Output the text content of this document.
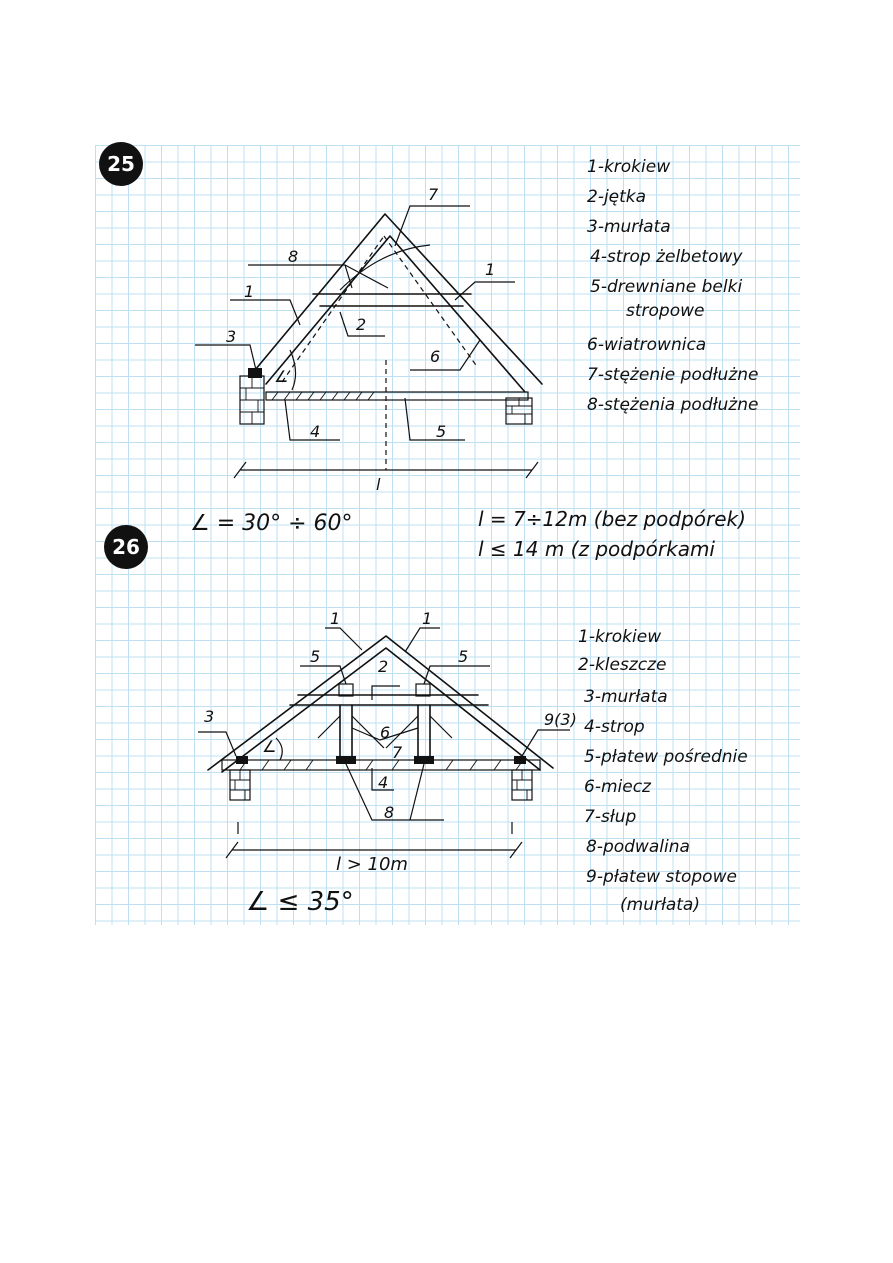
25
7
8
1
1
2
3
6
∠
4	5
l
1-krokiew
2-jętka
3-murłata
4-strop żelbetowy
5-drewniane belki
stropowe
6-wiatrownica
7-stężenie podłużne
8-stężenia podłużne
∠ = 30° ÷ 60°	l = 7÷12m (bez podpórek)
l ≤ 14 m (z podpórkami
26
1	1
5	5
2
3
6
7
4
8
9(3)
∠
l > 10m
∠ ≤ 35°
1-krokiew
2-kleszcze
3-murłata
4-strop
5-płatew pośrednie
6-miecz
7-słup
8-podwalina
9-płatew stopowe
(murłata)
